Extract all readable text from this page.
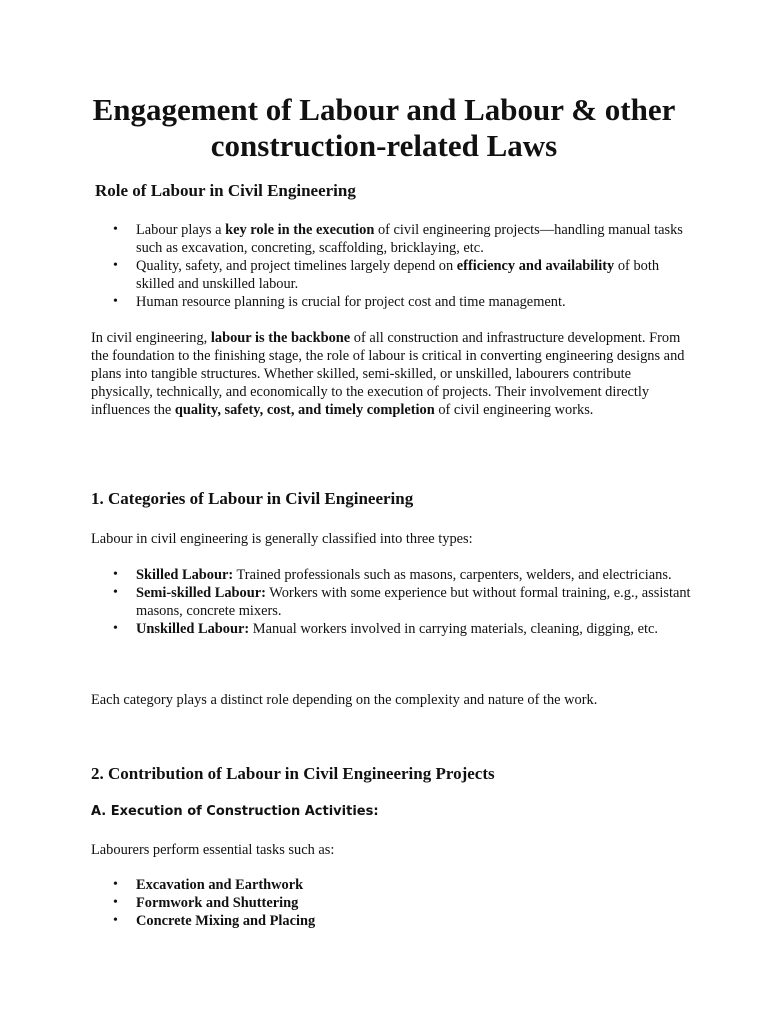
Engagement of Labour and Labour & other construction-related Laws
Role of Labour in Civil Engineering
• Labour plays a key role in the execution of civil engineering projects—handling manual tasks such as excavation, concreting, scaffolding, bricklaying, etc.
• Quality, safety, and project timelines largely depend on efficiency and availability of both skilled and unskilled labour.
• Human resource planning is crucial for project cost and time management.

In civil engineering, labour is the backbone of all construction and infrastructure development. From the foundation to the finishing stage, the role of labour is critical in converting engineering designs and plans into tangible structures. Whether skilled, semi-skilled, or unskilled, labourers contribute physically, technically, and economically to the execution of projects. Their involvement directly influences the quality, safety, cost, and timely completion of civil engineering works.

1. Categories of Labour in Civil Engineering

Labour in civil engineering is generally classified into three types:

• Skilled Labour: Trained professionals such as masons, carpenters, welders, and electricians.
• Semi-skilled Labour: Workers with some experience but without formal training, e.g., assistant masons, concrete mixers.
• Unskilled Labour: Manual workers involved in carrying materials, cleaning, digging, etc.

Each category plays a distinct role depending on the complexity and nature of the work.

2. Contribution of Labour in Civil Engineering Projects
A. Execution of Construction Activities:

Labourers perform essential tasks such as:

• Excavation and Earthwork
• Formwork and Shuttering
• Concrete Mixing and Placing
